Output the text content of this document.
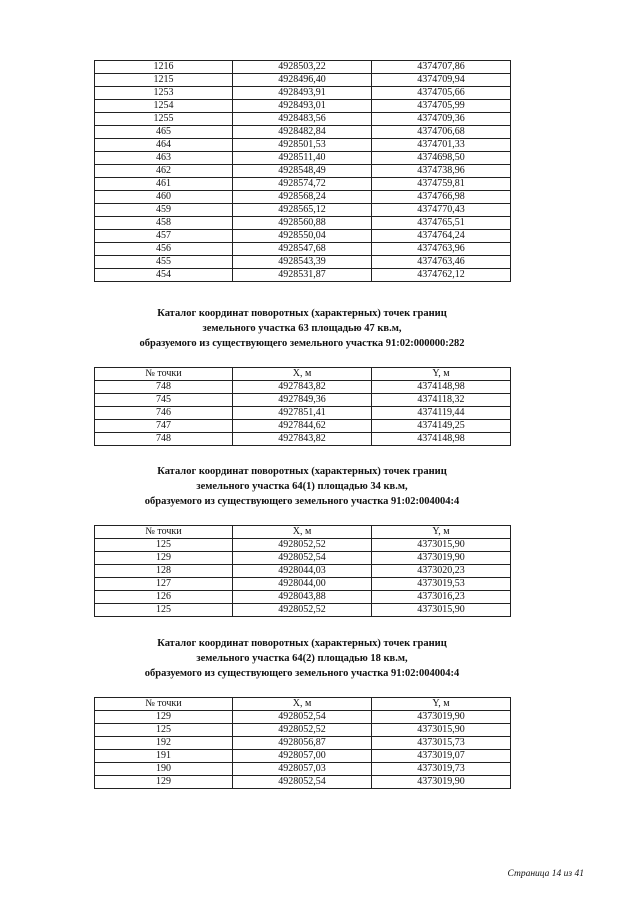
1216	4928503,22	4374707,86
1215	4928496,40	4374709,94
1253	4928493,91	4374705,66
1254	4928493,01	4374705,99
1255	4928483,56	4374709,36
465	4928482,84	4374706,68
464	4928501,53	4374701,33
463	4928511,40	4374698,50
462	4928548,49	4374738,96
461	4928574,72	4374759,81
460	4928568,24	4374766,98
459	4928565,12	4374770,43
458	4928560,88	4374765,51
457	4928550,04	4374764,24
456	4928547,68	4374763,96
455	4928543,39	4374763,46
454	4928531,87	4374762,12
Каталог координат поворотных (характерных) точек границ
земельного участка 63 площадью 47 кв.м,
образуемого из существующего земельного участка 91:02:000000:282
№ точки	X, м	Y, м
748	4927843,82	4374148,98
745	4927849,36	4374118,32
746	4927851,41	4374119,44
747	4927844,62	4374149,25
748	4927843,82	4374148,98
Каталог координат поворотных (характерных) точек границ
земельного участка 64(1) площадью 34 кв.м,
образуемого из существующего земельного участка 91:02:004004:4
№ точки	X, м	Y, м
125	4928052,52	4373015,90
129	4928052,54	4373019,90
128	4928044,03	4373020,23
127	4928044,00	4373019,53
126	4928043,88	4373016,23
125	4928052,52	4373015,90
Каталог координат поворотных (характерных) точек границ
земельного участка 64(2) площадью 18 кв.м,
образуемого из существующего земельного участка 91:02:004004:4
№ точки	X, м	Y, м
129	4928052,54	4373019,90
125	4928052,52	4373015,90
192	4928056,87	4373015,73
191	4928057,00	4373019,07
190	4928057,03	4373019,73
129	4928052,54	4373019,90
Страница 14 из 41
